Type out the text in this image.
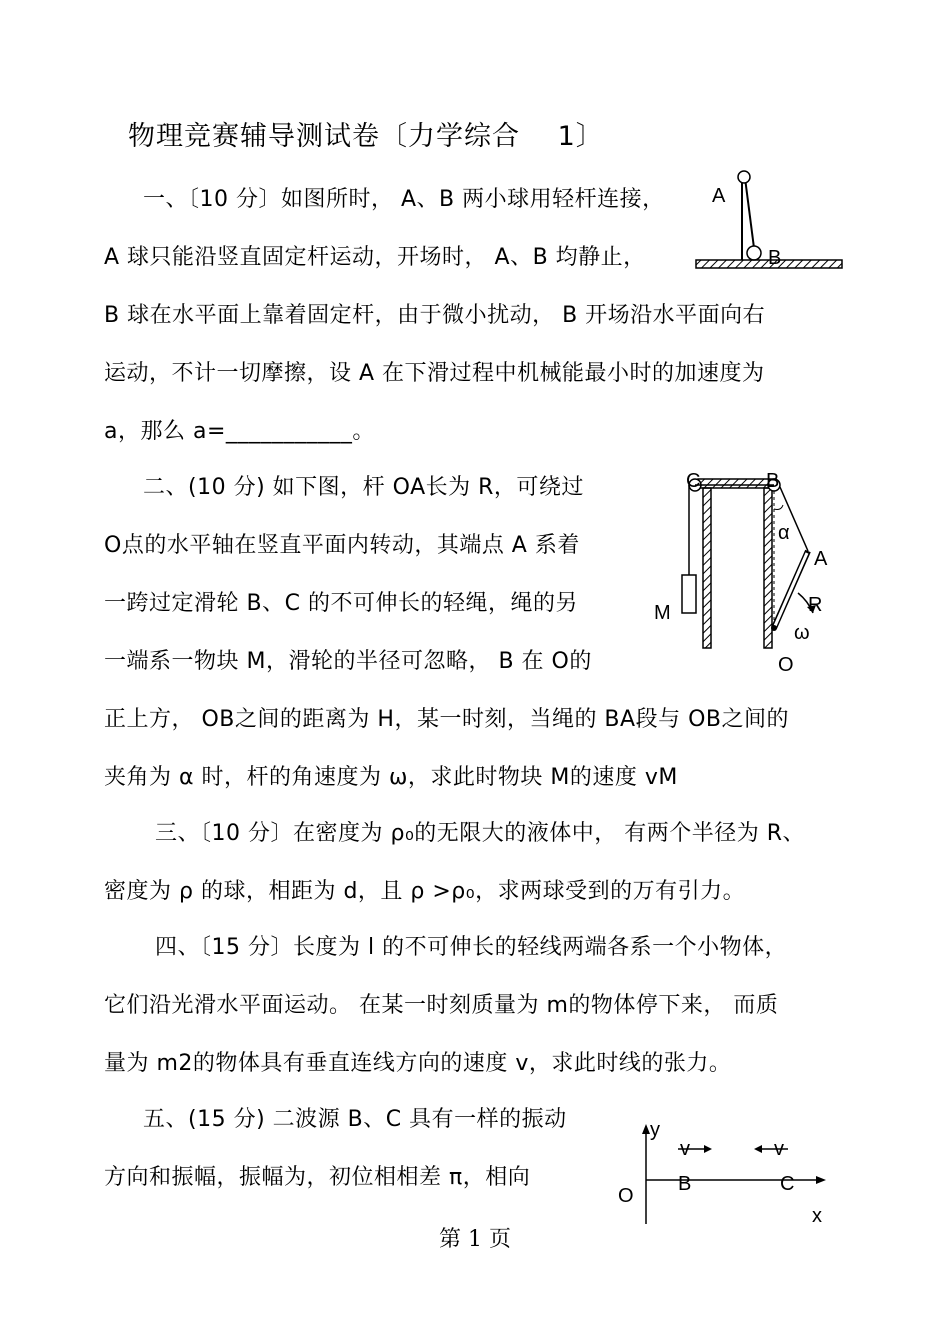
物理竞赛辅导测试卷〔力学综合　 1〕
一、〔10 分〕如图所时， A、B 两小球用轻杆连接，
A 球只能沿竖直固定杆运动，开场时， A、B 均静止，
B 球在水平面上靠着固定杆，由于微小扰动， B 开场沿水平面向右
运动，不计一切摩擦，设 A 在下滑过程中机械能最小时的加速度为
a，那么 a=___________。
二、(10 分) 如下图，杆 OA长为 R，可绕过
O点的水平轴在竖直平面内转动，其端点 A 系着
一跨过定滑轮 B、C 的不可伸长的轻绳，绳的另
一端系一物块 M，滑轮的半径可忽略， B 在 O的
正上方， OB之间的距离为 H，某一时刻，当绳的 BA段与 OB之间的
夹角为 α 时，杆的角速度为 ω，求此时物块 M的速度 vM
三、〔10 分〕在密度为 ρ₀的无限大的液体中， 有两个半径为 R、
密度为 ρ 的球，相距为 d，且 ρ >ρ₀，求两球受到的万有引力。
四、〔15 分〕长度为 l 的不可伸长的轻线两端各系一个小物体，
它们沿光滑水平面运动。 在某一时刻质量为 m的物体停下来， 而质
量为 m2的物体具有垂直连线方向的速度 v，求此时线的张力。
五、(15 分) 二波源 B、C 具有一样的振动
方向和振幅，振幅为，初位相相差 π，相向
A
B
C	B
α
A
R
ω
M
O
y
v	v
O
B	C
x
第 1 页
